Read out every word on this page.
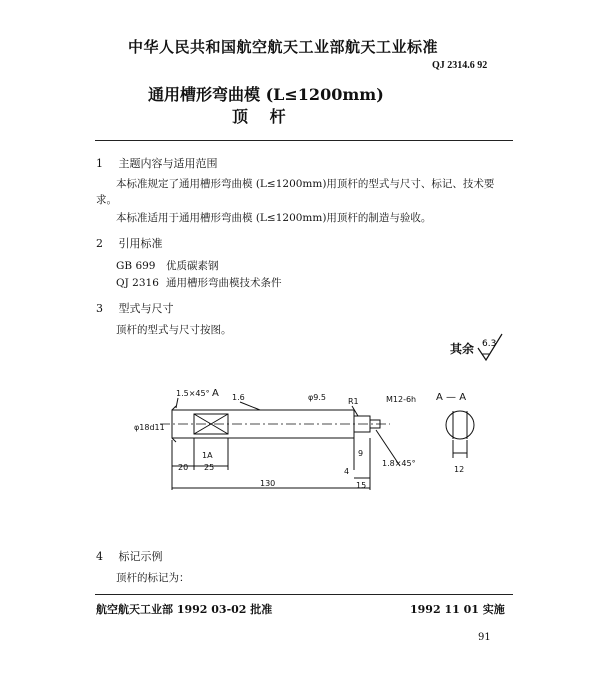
中华人民共和国航空航天工业部航天工业标准
QJ 2314.6 92
通用槽形弯曲模 (L≤1200mm)
顶 杆
1 主题内容与适用范围
本标准规定了通用槽形弯曲模 (L≤1200mm)用顶杆的型式与尺寸、标记、技术要
求。
本标准适用于通用槽形弯曲模 (L≤1200mm)用顶杆的制造与验收。
2 引用标准
GB 699 优质碳素钢
QJ 2316 通用槽形弯曲模技术条件
3 型式与尺寸
顶杆的型式与尺寸按图。
其余 6.3
1.5×45° A 1.6	φ9.5	R1	M12-6h
φ18d11
1A
20 25
130
4
15
9
1.8×45°
A — A
12
4 标记示例
顶杆的标记为：
航空航天工业部 1992 03-02 批准	1992 11 01 实施
91
